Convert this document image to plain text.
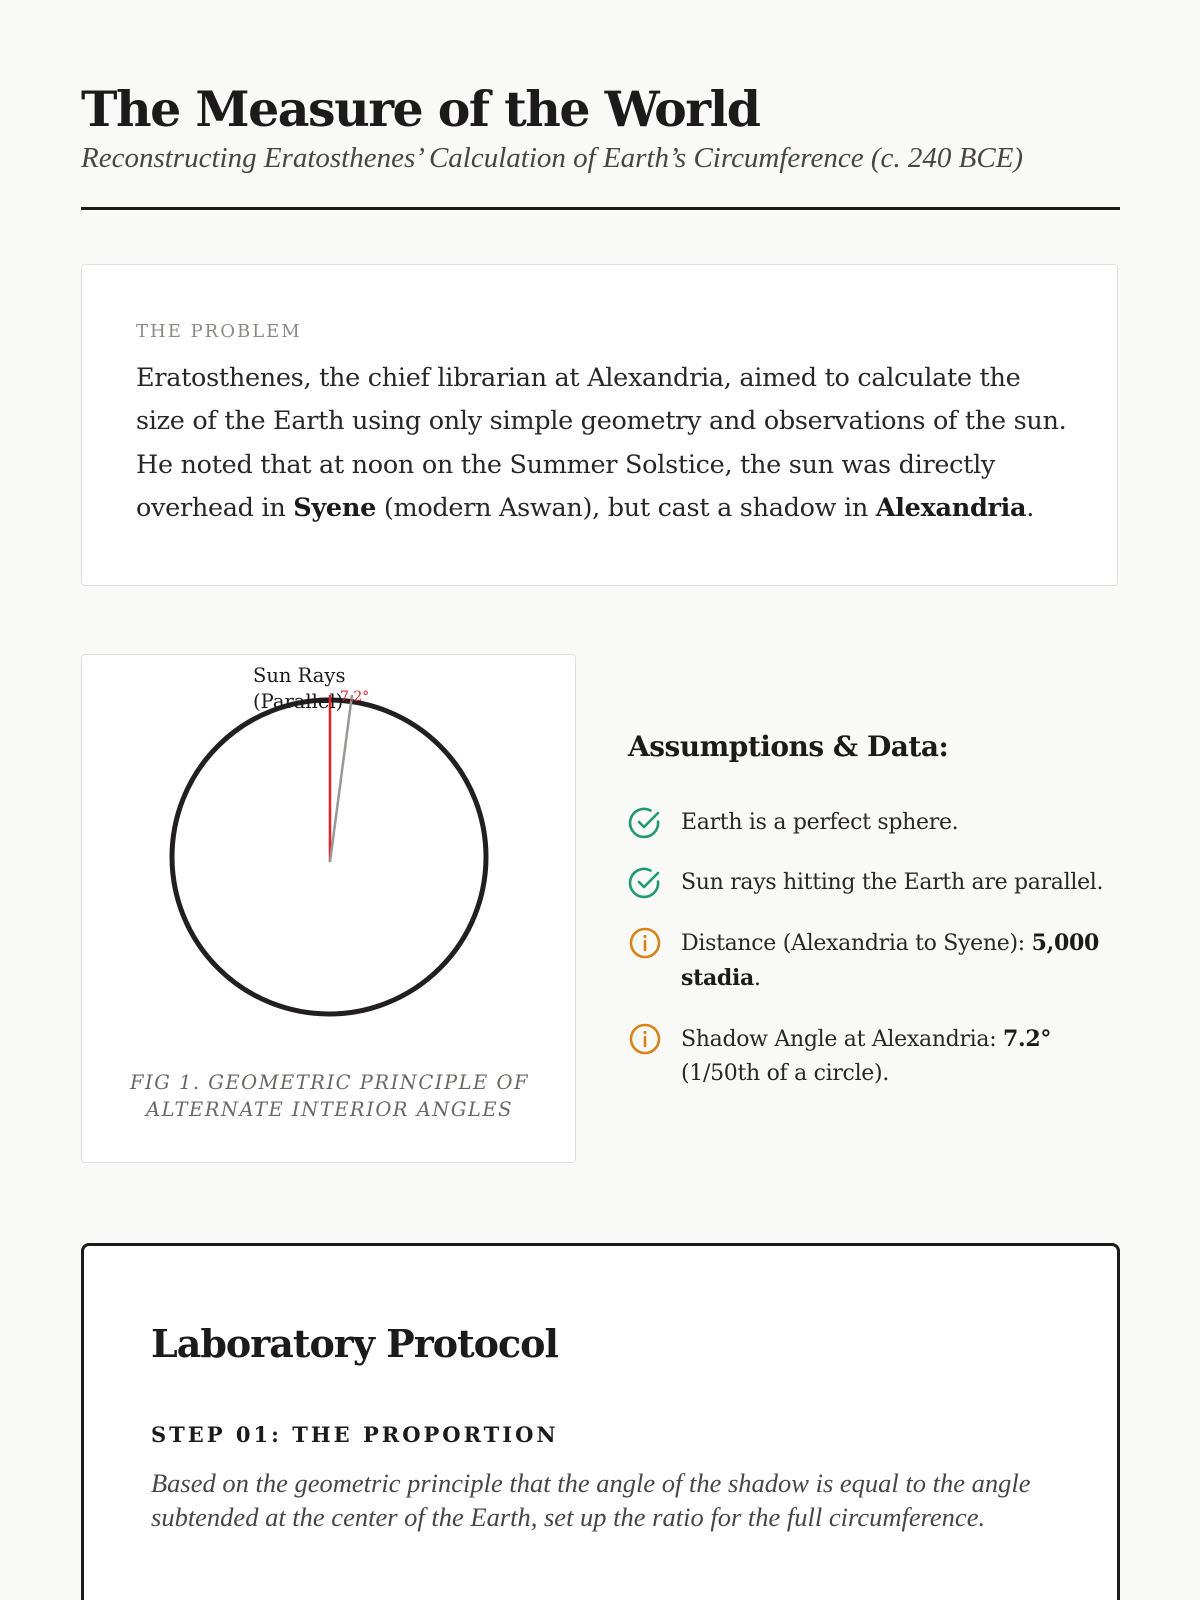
The Measure of the World
Reconstructing Eratosthenes’ Calculation of Earth’s Circumference (c. 240 BCE)
THE PROBLEM

Eratosthenes, the chief librarian at Alexandria, aimed to calculate the size of the Earth using only simple geometry and observations of the sun. He noted that at noon on the Summer Solstice, the sun was directly overhead in Syene (modern Aswan), but cast a shadow in Alexandria.

Sun Rays
(Parallel)
7.2°
FIG 1. GEOMETRIC PRINCIPLE OF ALTERNATE INTERIOR ANGLES
Assumptions & Data:
Earth is a perfect sphere.
Sun rays hitting the Earth are parallel.
Distance (Alexandria to Syene): 5,000 stadia.
Shadow Angle at Alexandria: 7.2° (1/50th of a circle).
Laboratory Protocol
STEP 01: THE PROPORTION

Based on the geometric principle that the angle of the shadow is equal to the angle subtended at the center of the Earth, set up the ratio for the full circumference.
